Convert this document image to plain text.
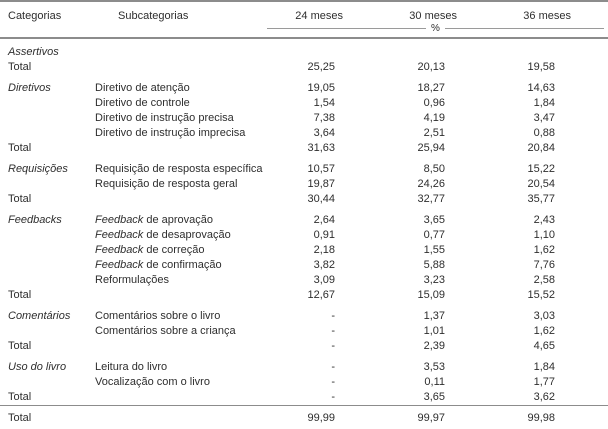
Categorias	Subcategorias	24 meses	30 meses	36 meses	

		%			

Assertivos					
Total		25,25	20,13	19,58	
Diretivos	Diretivo de atenção	19,05	18,27	14,63	
	Diretivo de controle	1,54	0,96	1,84	
	Diretivo de instrução precisa	7,38	4,19	3,47	
	Diretivo de instrução imprecisa	3,64	2,51	0,88	
Total		31,63	25,94	20,84	
Requisições	Requisição de resposta específica	10,57	8,50	15,22	
	Requisição de resposta geral	19,87	24,26	20,54	
Total		30,44	32,77	35,77	
Feedbacks	Feedback de aprovação	2,64	3,65	2,43	
	Feedback de desaprovação	0,91	0,77	1,10	
	Feedback de correção	2,18	1,55	1,62	
	Feedback de confirmação	3,82	5,88	7,76	
	Reformulações	3,09	3,23	2,58	
Total		12,67	15,09	15,52	
Comentários	Comentários sobre o livro	-	1,37	3,03	
	Comentários sobre a criança	-	1,01	1,62	
Total		-	2,39	4,65	
Uso do livro	Leitura do livro	-	3,53	1,84	
	Vocalização com o livro	-	0,11	1,77	
Total		-	3,65	3,62	
Total		99,99	99,97	99,98	
